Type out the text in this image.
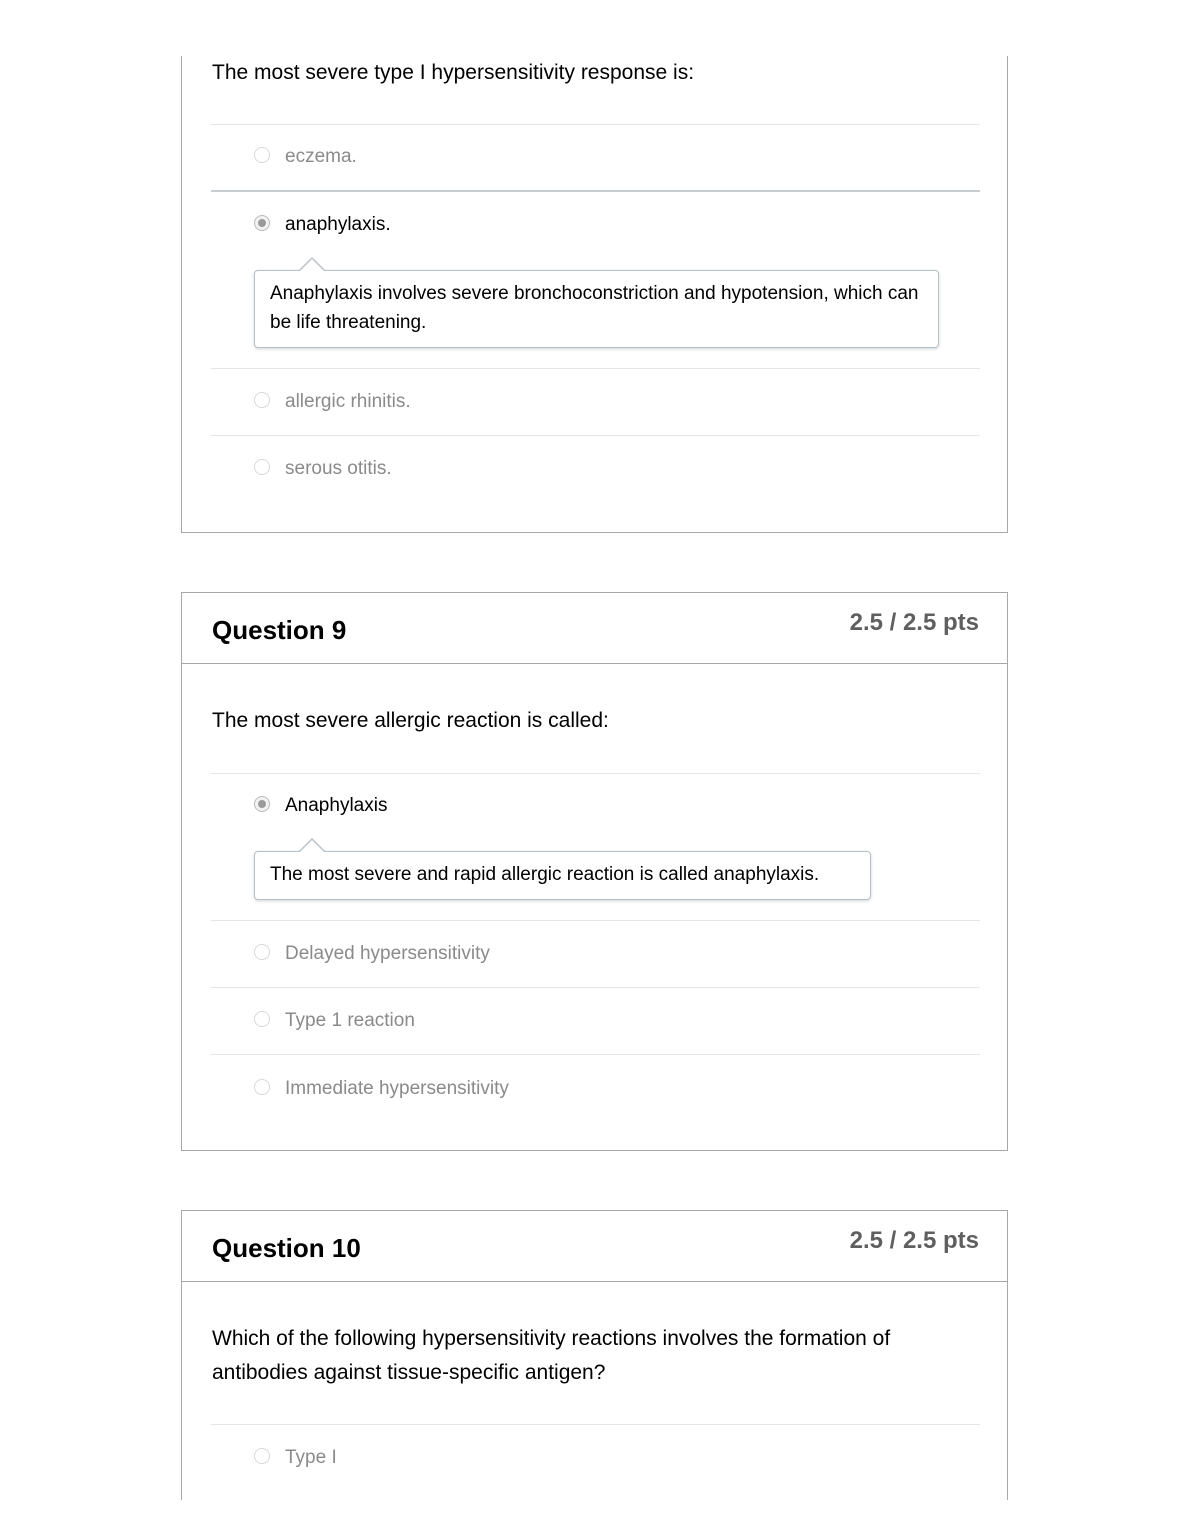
The most severe type I hypersensitivity response is:
eczema.
anaphylaxis.
Anaphylaxis involves severe bronchoconstriction and hypotension, which can be life threatening.
allergic rhinitis.
serous otitis.
Question 9	2.5 / 2.5 pts
The most severe allergic reaction is called:
Anaphylaxis
The most severe and rapid allergic reaction is called anaphylaxis.
Delayed hypersensitivity
Type 1 reaction
Immediate hypersensitivity
Question 10	2.5 / 2.5 pts
Which of the following hypersensitivity reactions involves the formation of antibodies against tissue-specific antigen?
Type I
